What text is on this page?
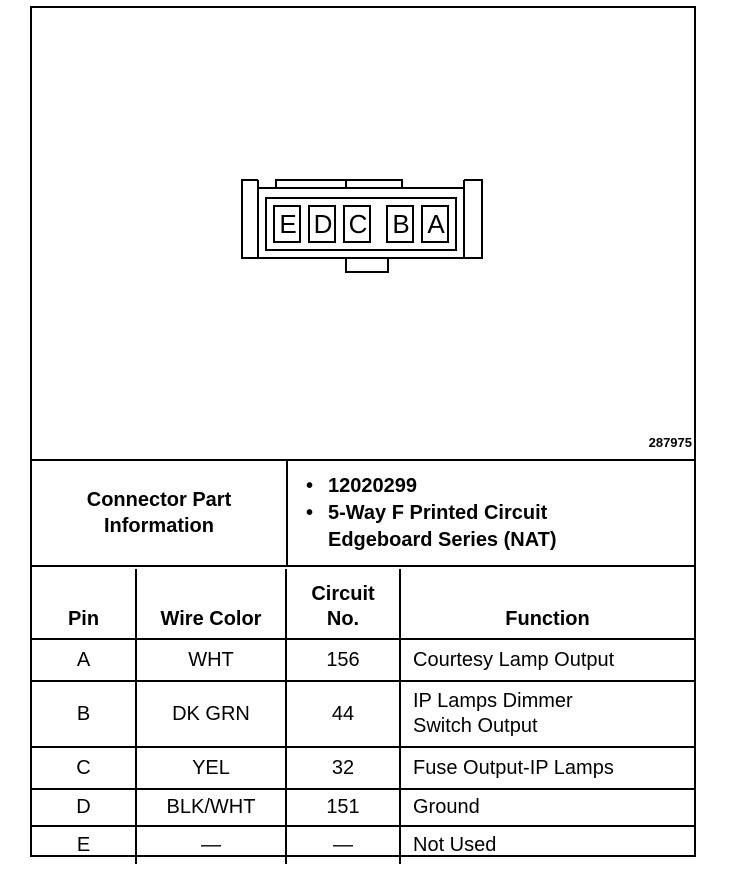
E D C B A
287975
Connector Part Information	
• 12020299
• 5-Way F Printed Circuit Edgeboard Series (NAT)
Pin	Wire Color	Circuit No.	Function
A	WHT	156	Courtesy Lamp Output
B	DK GRN	44	IP Lamps Dimmer Switch Output
C	YEL	32	Fuse Output-IP Lamps
D	BLK/WHT	151	Ground
E	—	—	Not Used
